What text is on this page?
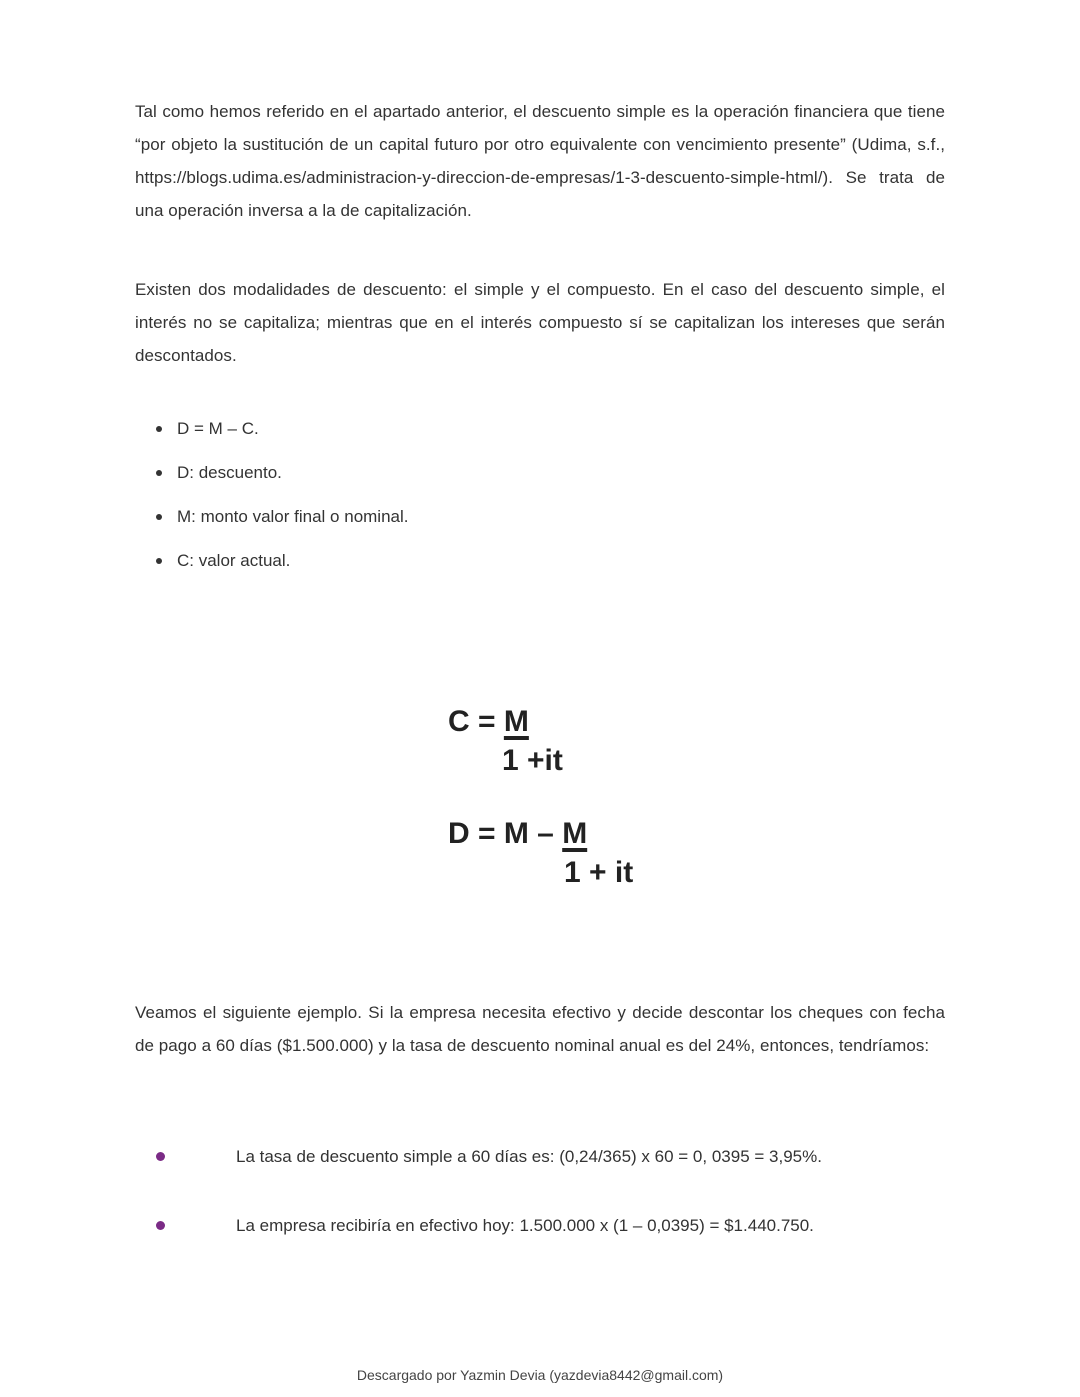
Tal como hemos referido en el apartado anterior, el descuento simple es la operación financiera que tiene “por objeto la sustitución de un capital futuro por otro equivalente con vencimiento presente” (Udima, s.f., https://blogs.udima.es/administracion-y-direccion-de-empresas/1-3-descuento-simple-html/). Se trata de una operación inversa a la de capitalización.

Existen dos modalidades de descuento: el simple y el compuesto. En el caso del descuento simple, el interés no se capitaliza; mientras que en el interés compuesto sí se capitalizan los intereses que serán descontados.

D = M – C.
D: descuento.
M: monto valor final o nominal.
C: valor actual.
C = M
1 +it
D = M – M
1 + it

Veamos el siguiente ejemplo. Si la empresa necesita efectivo y decide descontar los cheques con fecha de pago a 60 días ($1.500.000) y la tasa de descuento nominal anual es del 24%, entonces, tendríamos:

La tasa de descuento simple a 60 días es: (0,24/365) x 60 = 0, 0395 = 3,95%.
La empresa recibiría en efectivo hoy: 1.500.000 x (1 – 0,0395) = $1.440.750.
Descargado por Yazmin Devia (yazdevia8442@gmail.com)
